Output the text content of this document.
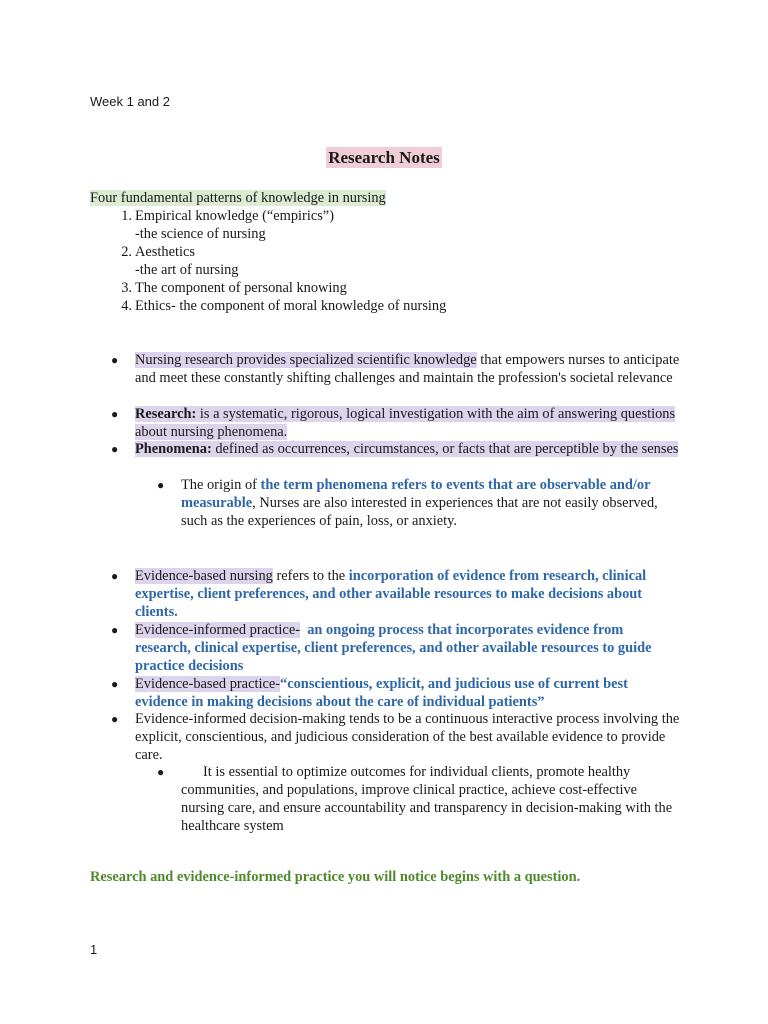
Week 1 and 2
Research Notes
Four fundamental patterns of knowledge in nursing
1. Empirical knowledge (“empirics”)
-the science of nursing
2. Aesthetics
-the art of nursing
3. The component of personal knowing
4. Ethics- the component of moral knowledge of nursing
● Nursing research provides specialized scientific knowledge that empowers nurses to anticipate and meet these constantly shifting challenges and maintain the profession's societal relevance
● Research: is a systematic, rigorous, logical investigation with the aim of answering questions about nursing phenomena.
● Phenomena: defined as occurrences, circumstances, or facts that are perceptible by the senses
● The origin of the term phenomena refers to events that are observable and/or measurable, Nurses are also interested in experiences that are not easily observed, such as the experiences of pain, loss, or anxiety.
● Evidence-based nursing refers to the incorporation of evidence from research, clinical expertise, client preferences, and other available resources to make decisions about clients.
● Evidence-informed practice- an ongoing process that incorporates evidence from research, clinical expertise, client preferences, and other available resources to guide practice decisions
● Evidence-based practice-“conscientious, explicit, and judicious use of current best evidence in making decisions about the care of individual patients”
● Evidence-informed decision-making tends to be a continuous interactive process involving the explicit, conscientious, and judicious consideration of the best available evidence to provide care.
●	It is essential to optimize outcomes for individual clients, promote healthy communities, and populations, improve clinical practice, achieve cost-effective nursing care, and ensure accountability and transparency in decision-making with the healthcare system
Research and evidence-informed practice you will notice begins with a question.
1
